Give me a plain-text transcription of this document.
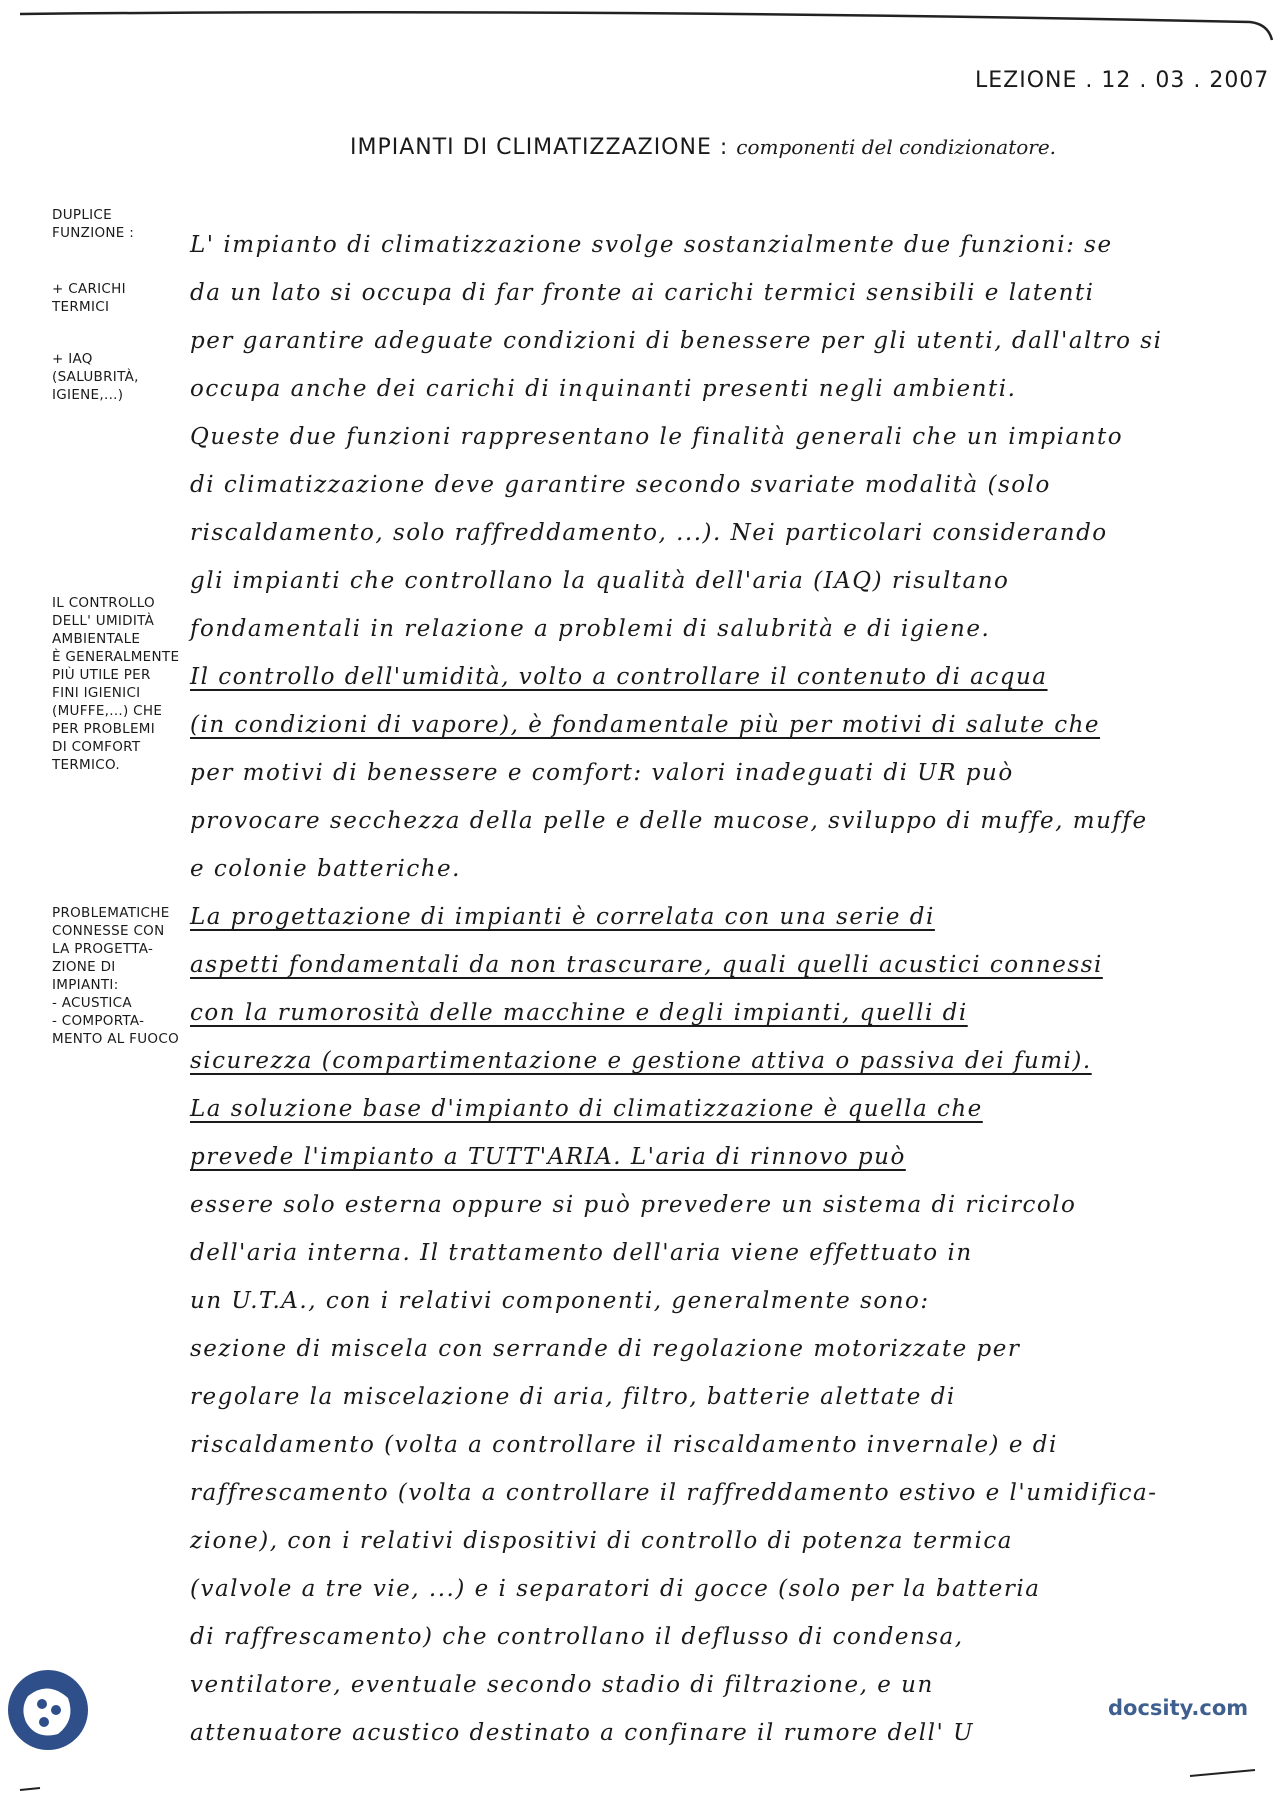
LEZIONE . 12 . 03 . 2007
IMPIANTI DI CLIMATIZZAZIONE : componenti del condizionatore.
DUPLICE
FUNZIONE :
+ CARICHI
TERMICI
+ IAQ
(SALUBRITÀ,
IGIENE,...)
IL CONTROLLO
DELL' UMIDITÀ
AMBIENTALE
È GENERALMENTE
PIÙ UTILE PER
FINI IGIENICI
(MUFFE,...) CHE
PER PROBLEMI
DI COMFORT
TERMICO.
PROBLEMATICHE
CONNESSE CON
LA PROGETTA-
ZIONE DI
IMPIANTI:
- ACUSTICA
- COMPORTA-
MENTO AL FUOCO
L' impianto di climatizzazione svolge sostanzialmente due funzioni: se
da un lato si occupa di far fronte ai carichi termici sensibili e latenti
per garantire adeguate condizioni di benessere per gli utenti, dall'altro si
occupa anche dei carichi di inquinanti presenti negli ambienti.
Queste due funzioni rappresentano le finalità generali che un impianto
di climatizzazione deve garantire secondo svariate modalità (solo
riscaldamento, solo raffreddamento, ...). Nei particolari considerando
gli impianti che controllano la qualità dell'aria (IAQ) risultano
fondamentali in relazione a problemi di salubrità e di igiene.
Il controllo dell'umidità, volto a controllare il contenuto di acqua
(in condizioni di vapore), è fondamentale più per motivi di salute che
per motivi di benessere e comfort: valori inadeguati di UR può
provocare secchezza della pelle e delle mucose, sviluppo di muffe, muffe
e colonie batteriche.
La progettazione di impianti è correlata con una serie di
aspetti fondamentali da non trascurare, quali quelli acustici connessi
con la rumorosità delle macchine e degli impianti, quelli di
sicurezza (compartimentazione e gestione attiva o passiva dei fumi).
La soluzione base d'impianto di climatizzazione è quella che
prevede l'impianto a TUTT'ARIA. L'aria di rinnovo può
essere solo esterna oppure si può prevedere un sistema di ricircolo
dell'aria interna. Il trattamento dell'aria viene effettuato in
un U.T.A., con i relativi componenti, generalmente sono:
sezione di miscela con serrande di regolazione motorizzate per
regolare la miscelazione di aria, filtro, batterie alettate di
riscaldamento (volta a controllare il riscaldamento invernale) e di
raffrescamento (volta a controllare il raffreddamento estivo e l'umidifica-
zione), con i relativi dispositivi di controllo di potenza termica
(valvole a tre vie, ...) e i separatori di gocce (solo per la batteria
di raffrescamento) che controllano il deflusso di condensa,
ventilatore, eventuale secondo stadio di filtrazione, e un
attenuatore acustico destinato a confinare il rumore dell' U
docsity.com
